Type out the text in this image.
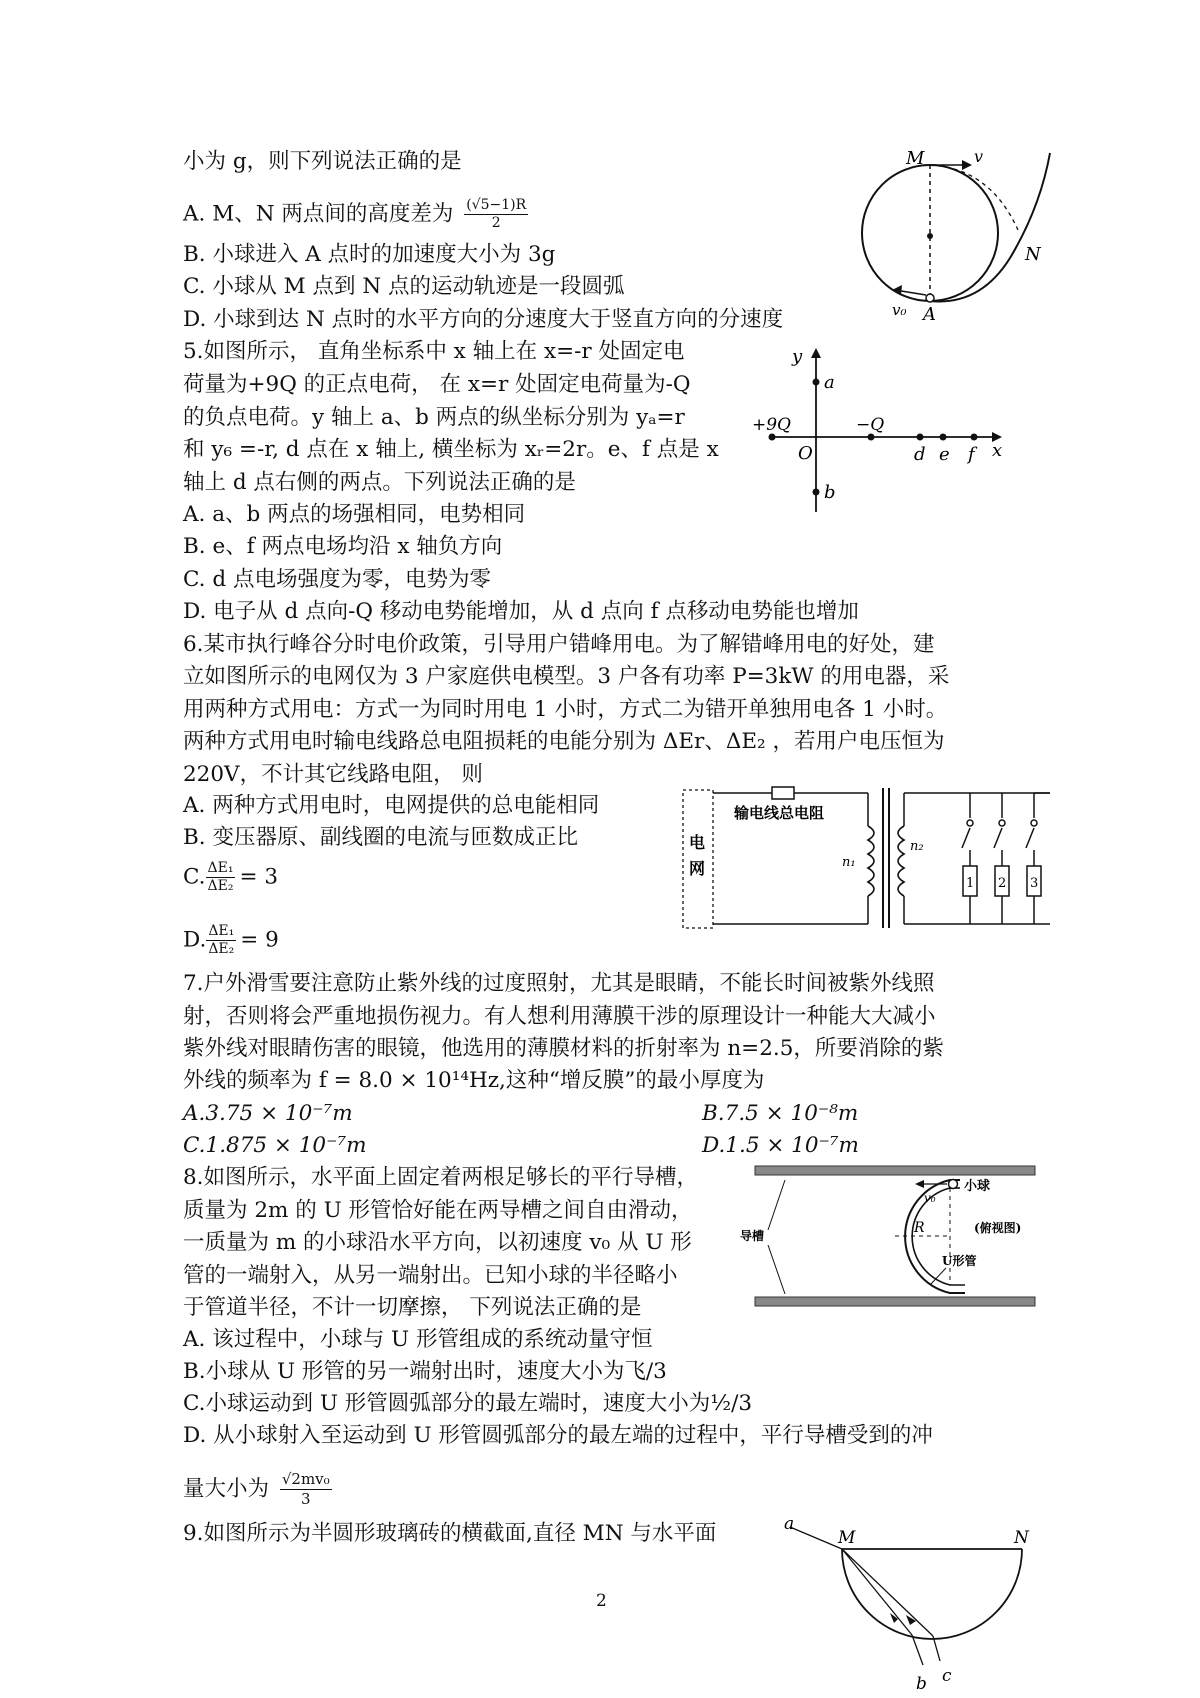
小为 g，则下列说法正确的是
A. M、N 两点间的高度差为 $\frac{(√5-1)R}{2}$
B. 小球进入 A 点时的加速度大小为 3g
C. 小球从 M 点到 N 点的运动轨迹是一段圆弧
D. 小球到达 N 点时的水平方向的分速度大于竖直方向的分速度
M	v
N
v₀ A
5.如图所示， 直角坐标系中 x 轴上在 x=-r 处固定电
荷量为+9Q 的正点电荷， 在 x=r 处固定电荷量为-Q
的负点电荷。y 轴上 a、b 两点的纵坐标分别为 yₐ=r
和 y₆ =-r, d 点在 x 轴上, 横坐标为 xᵣ=2r。e、f 点是 x
轴上 d 点右侧的两点。下列说法正确的是
A. a、b 两点的场强相同，电势相同
B. e、f 两点电场均沿 x 轴负方向
C. d 点电场强度为零，电势为零
D. 电子从 d 点向-Q 移动电势能增加，从 d 点向 f 点移动电势能也增加
y
a
+9Q	−Q
O	d e f x
b
6.某市执行峰谷分时电价政策，引导用户错峰用电。为了解错峰用电的好处，建
立如图所示的电网仅为 3 户家庭供电模型。3 户各有功率 P=3kW 的用电器，采
用两种方式用电：方式一为同时用电 1 小时，方式二为错开单独用电各 1 小时。
两种方式用电时输电线路总电阻损耗的电能分别为 ΔEr、ΔE₂ ，若用户电压恒为
220V，不计其它线路电阻， 则
A. 两种方式用电时，电网提供的总电能相同
B. 变压器原、副线圈的电流与匝数成正比
C. $\frac{\text{ΔE₁}}{\text{ΔE₂}} = 3$
D. $\frac{\text{ΔE₁}}{\text{ΔE₂}} = 9$
电
网
输电线总电阻
n₁
n₂
1 2 3
7.户外滑雪要注意防止紫外线的过度照射，尤其是眼睛，不能长时间被紫外线照
射，否则将会严重地损伤视力。有人想利用薄膜干涉的原理设计一种能大大减小
紫外线对眼睛伤害的眼镜，他选用的薄膜材料的折射率为 n=2.5，所要消除的紫
外线的频率为 f = 8.0 × 10¹⁴Hz,这种“增反膜”的最小厚度为
A.3.75 × 10⁻⁷m	B.7.5 × 10⁻⁸m
C.1.875 × 10⁻⁷m	D.1.5 × 10⁻⁷m
8.如图所示，水平面上固定着两根足够长的平行导槽，
质量为 2m 的 U 形管恰好能在两导槽之间自由滑动，
一质量为 m 的小球沿水平方向，以初速度 v₀ 从 U 形
管的一端射入，从另一端射出。已知小球的半径略小
于管道半径，不计一切摩擦， 下列说法正确的是
A. 该过程中，小球与 U 形管组成的系统动量守恒
B.小球从 U 形管的另一端射出时，速度大小为飞/3
C.小球运动到 U 形管圆弧部分的最左端时，速度大小为½/3
D. 从小球射入至运动到 U 形管圆弧部分的最左端的过程中，平行导槽受到的冲
量大小为 $\frac{\text{√2mv₀}}{3}$
R
小球
v₀
(俯视图)
导槽
U形管
9.如图所示为半圆形玻璃砖的横截面,直径 MN 与水平面	a
M	N
b c
2
